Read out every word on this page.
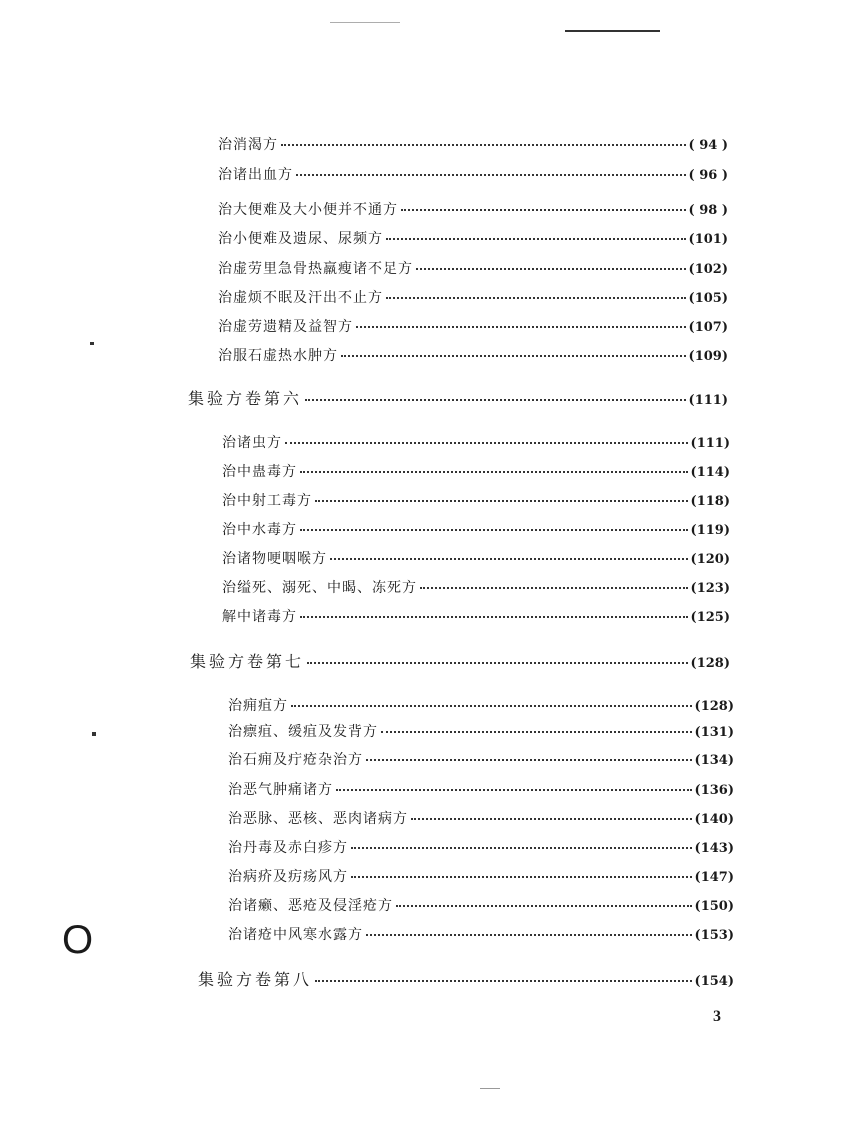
治消渴方	( 94 )
治诸出血方	( 96 )
治大便难及大小便并不通方	( 98 )
治小便难及遗尿、尿频方	(101)
治虚劳里急骨热羸瘦诸不足方	(102)
治虚烦不眠及汗出不止方	(105)
治虚劳遗精及益智方	(107)
治服石虚热水肿方	(109)
集验方卷第六	(111)
治诸虫方	(111)
治中蛊毒方	(114)
治中射工毒方	(118)
治中水毒方	(119)
治诸物哽咽喉方	(120)
治缢死、溺死、中暍、冻死方	(123)
解中诸毒方	(125)
集验方卷第七	(128)
治痈疽方	(128)
治瘭疽、缓疽及发背方	(131)
治石痈及疔疮杂治方	(134)
治恶气肿痛诸方	(136)
治恶脉、恶核、恶肉诸病方	(140)
治丹毒及赤白疹方	(143)
治病疥及疠疡风方	(147)
治诸癞、恶疮及侵淫疮方	(150)
治诸疮中风寒水露方	(153)
集验方卷第八	(154)
3
O
